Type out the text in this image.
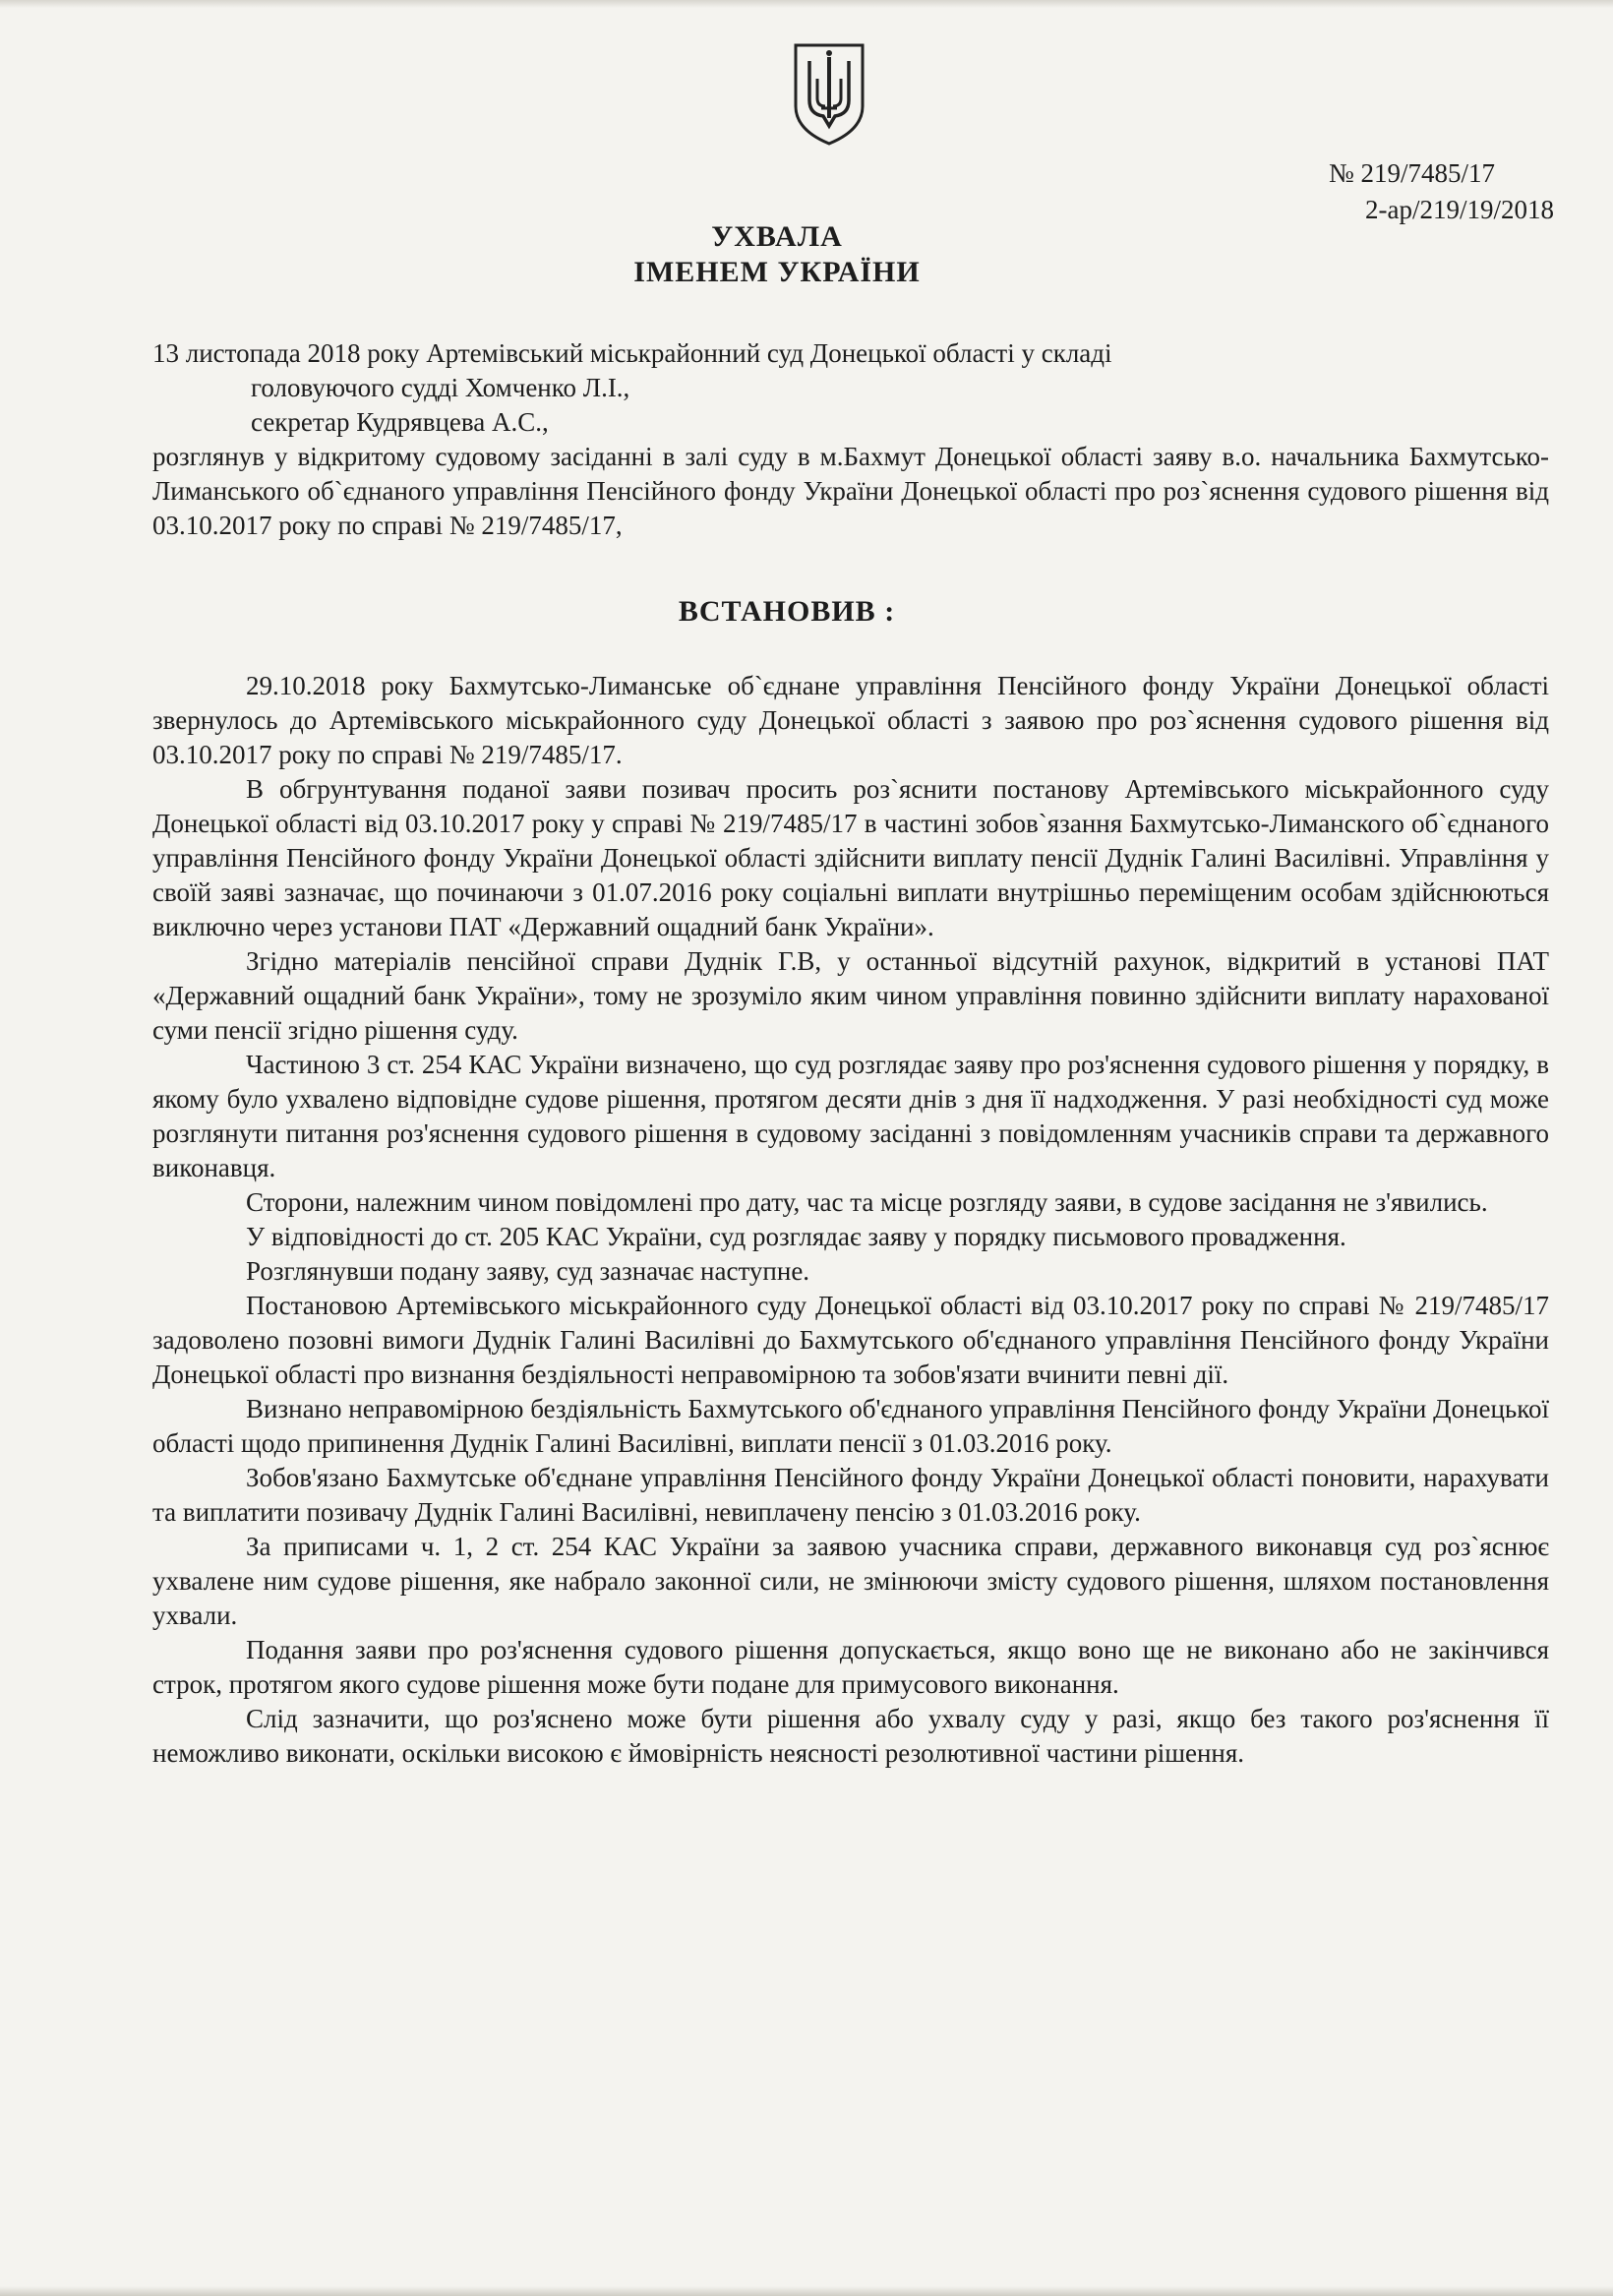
№ 219/7485/17
2-ар/219/19/2018
УХВАЛА
ІМЕНЕМ УКРАЇНИ

13 листопада 2018 року Артемівський міськрайонний суд Донецької області у складі

головуючого судді Хомченко Л.І.,

секретар Кудрявцева А.С.,

розглянув у відкритому судовому засіданні в залі суду в м.Бахмут Донецької області заяву в.о. начальника Бахмутсько-Лиманського об`єднаного управління Пенсійного фонду України Донецької області про роз`яснення судового рішення від 03.10.2017 року по справі № 219/7485/17,

ВСТАНОВИВ :

29.10.2018 року Бахмутсько-Лиманське об`єднане управління Пенсійного фонду України Донецької області звернулось до Артемівського міськрайонного суду Донецької області з заявою про роз`яснення судового рішення від 03.10.2017 року по справі № 219/7485/17.

В обгрунтування поданої заяви позивач просить роз`яснити постанову Артемівського міськрайонного суду Донецької області від 03.10.2017 року у справі № 219/7485/17 в частині зобов`язання Бахмутсько-Лиманского об`єднаного управління Пенсійного фонду України Донецької області здійснити виплату пенсії Дуднік Галині Василівні. Управління у своїй заяві зазначає, що починаючи з 01.07.2016 року соціальні виплати внутрішньо переміщеним особам здійснюються виключно через установи ПАТ «Державний ощадний банк України».

Згідно матеріалів пенсійної справи Дуднік Г.В, у останньої відсутній рахунок, відкритий в установі ПАТ «Державний ощадний банк України», тому не зрозуміло яким чином управління повинно здійснити виплату нарахованої суми пенсії згідно рішення суду.

Частиною 3 ст. 254 КАС України визначено, що суд розглядає заяву про роз'яснення судового рішення у порядку, в якому було ухвалено відповідне судове рішення, протягом десяти днів з дня її надходження. У разі необхідності суд може розглянути питання роз'яснення судового рішення в судовому засіданні з повідомленням учасників справи та державного виконавця.

Сторони, належним чином повідомлені про дату, час та місце розгляду заяви, в судове засідання не з'явились.

У відповідності до ст. 205 КАС України, суд розглядає заяву у порядку письмового провадження.

Розглянувши подану заяву, суд зазначає наступне.

Постановою Артемівського міськрайонного суду Донецької області від 03.10.2017 року по справі № 219/7485/17 задоволено позовні вимоги Дуднік Галині Василівні до Бахмутського об'єднаного управління Пенсійного фонду України Донецької області про визнання бездіяльності неправомірною та зобов'язати вчинити певні дії.

Визнано неправомірною бездіяльність Бахмутського об'єднаного управління Пенсійного фонду України Донецької області щодо припинення Дуднік Галині Василівні, виплати пенсії з 01.03.2016 року.

Зобов'язано Бахмутське об'єднане управління Пенсійного фонду України Донецької області поновити, нарахувати та виплатити позивачу Дуднік Галині Василівні, невиплачену пенсію з 01.03.2016 року.

За приписами ч. 1, 2 ст. 254 КАС України за заявою учасника справи, державного виконавця суд роз`яснює ухвалене ним судове рішення, яке набрало законної сили, не змінюючи змісту судового рішення, шляхом постановлення ухвали.

Подання заяви про роз'яснення судового рішення допускається, якщо воно ще не виконано або не закінчився строк, протягом якого судове рішення може бути подане для примусового виконання.

Слід зазначити, що роз'яснено може бути рішення або ухвалу суду у разі, якщо без такого роз'яснення її неможливо виконати, оскільки високою є ймовірність неясності резолютивної частини рішення.
